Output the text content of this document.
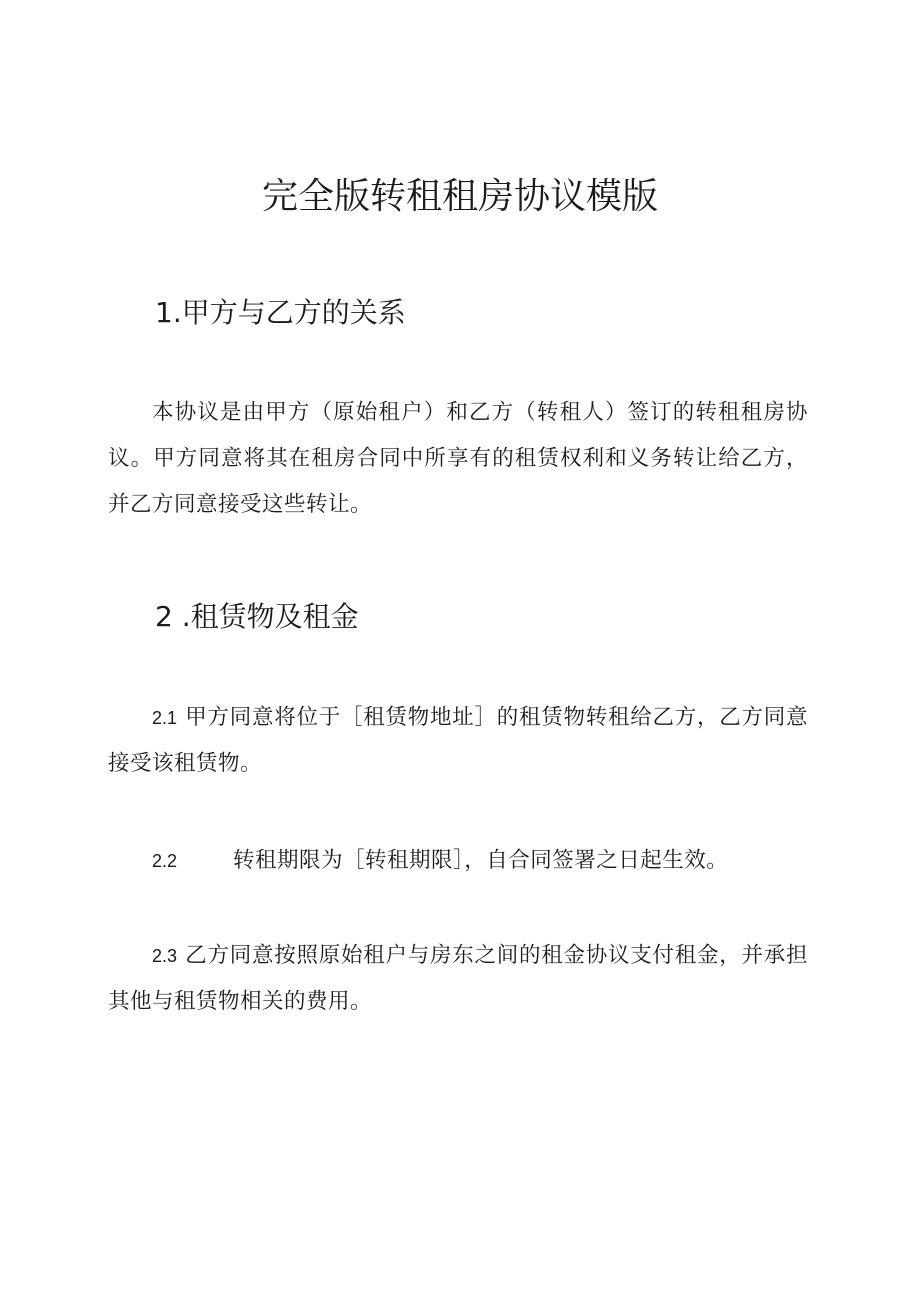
完全版转租租房协议模版
1.甲方与乙方的关系

本协议是由甲方（原始租户）和乙方（转租人）签订的转租租房协议。甲方同意将其在租房合同中所享有的租赁权利和义务转让给乙方，并乙方同意接受这些转让。

2 .租赁物及租金

2.1 甲方同意将位于［租赁物地址］的租赁物转租给乙方，乙方同意接受该租赁物。

2.2	转租期限为［转租期限］，自合同签署之日起生效。

2.3 乙方同意按照原始租户与房东之间的租金协议支付租金，并承担其他与租赁物相关的费用。
